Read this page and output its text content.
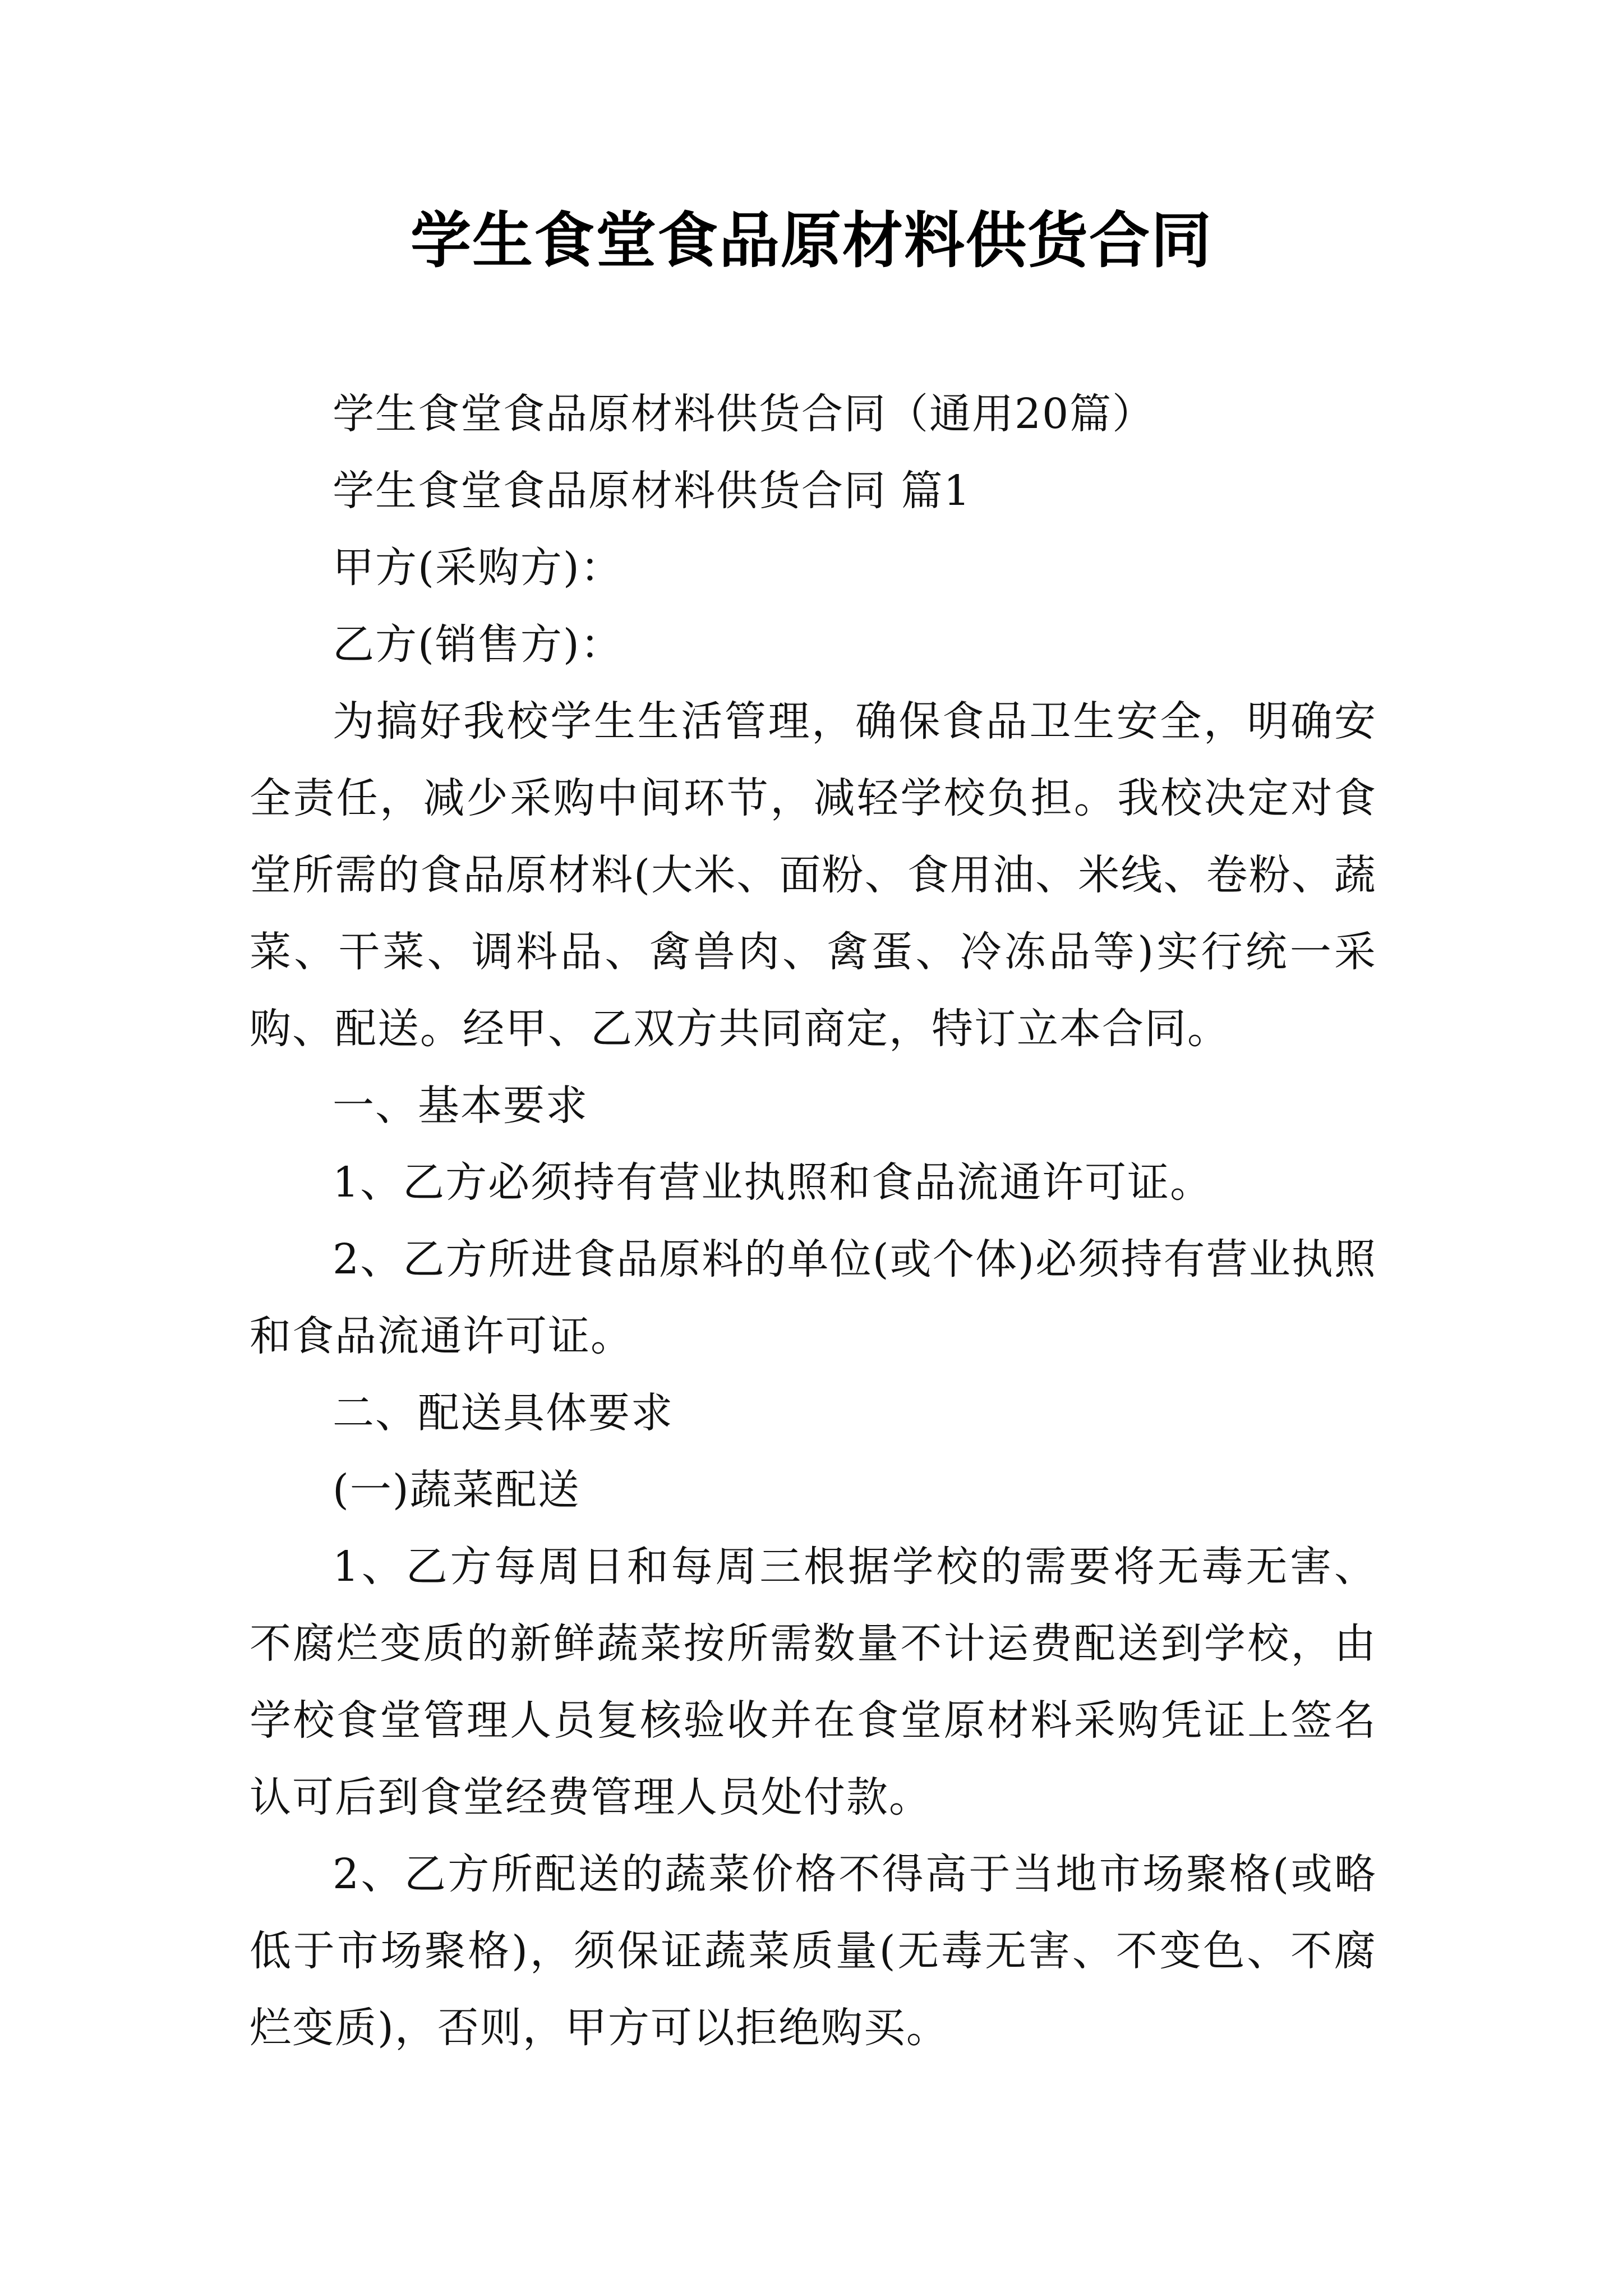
学生食堂食品原材料供货合同

学生食堂食品原材料供货合同（通用20篇）

学生食堂食品原材料供货合同 篇1

甲方(采购方)：

乙方(销售方)：

为搞好我校学生生活管理，确保食品卫生安全，明确安全责任，减少采购中间环节，减轻学校负担。我校决定对食堂所需的食品原材料(大米、面粉、食用油、米线、卷粉、蔬菜、干菜、调料品、禽兽肉、禽蛋、冷冻品等)实行统一采购、配送。经甲、乙双方共同商定，特订立本合同。

一、基本要求

1、乙方必须持有营业执照和食品流通许可证。

2、乙方所进食品原料的单位(或个体)必须持有营业执照和食品流通许可证。

二、配送具体要求

(一)蔬菜配送

1、乙方每周日和每周三根据学校的需要将无毒无害、不腐烂变质的新鲜蔬菜按所需数量不计运费配送到学校，由学校食堂管理人员复核验收并在食堂原材料采购凭证上签名认可后到食堂经费管理人员处付款。

2、乙方所配送的蔬菜价格不得高于当地市场聚格(或略低于市场聚格)，须保证蔬菜质量(无毒无害、不变色、不腐烂变质)，否则，甲方可以拒绝购买。
